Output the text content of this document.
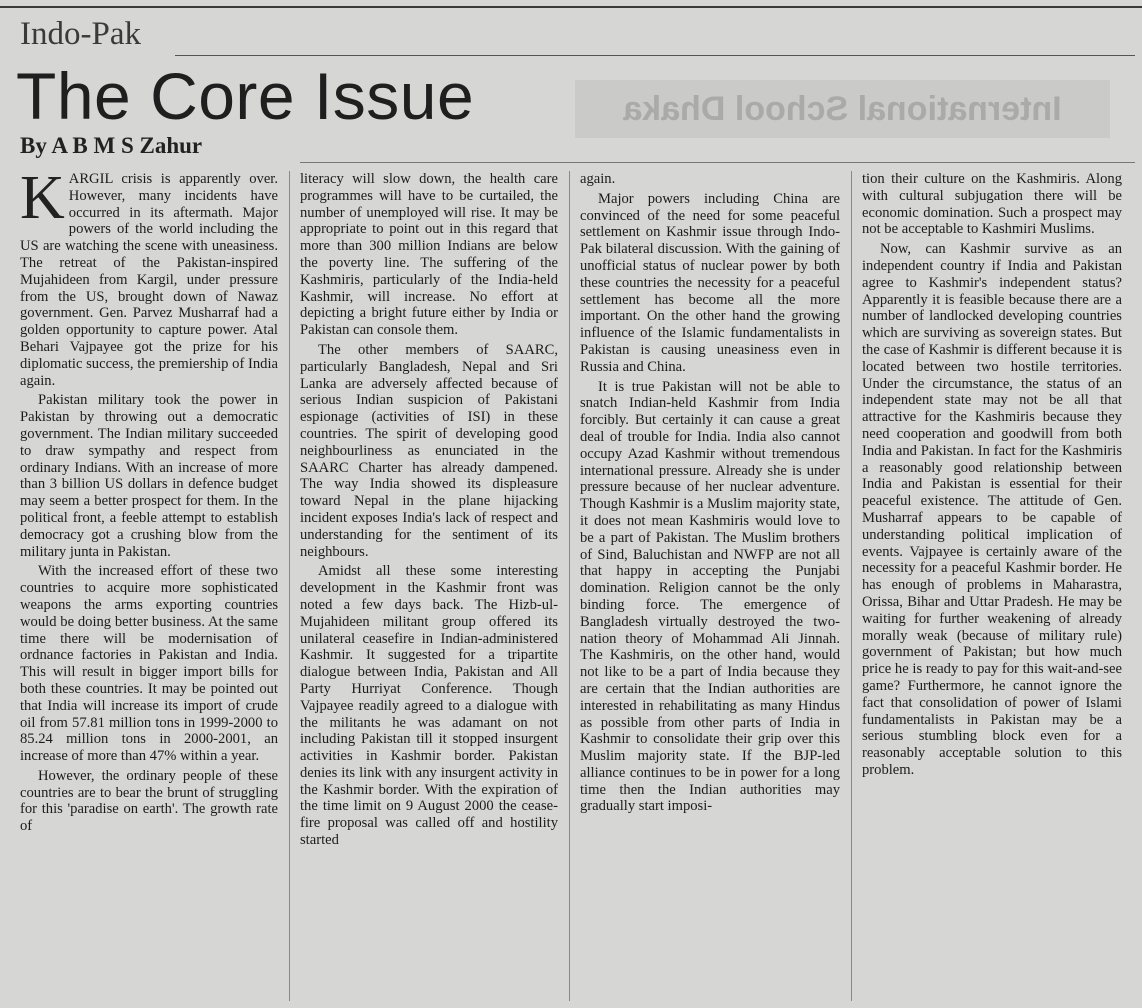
Indo-Pak
International School Dhaka
The Core Issue
By A B M S Zahur

KARGIL crisis is apparently over. However, many incidents have occurred in its aftermath. Major powers of the world including the US are watching the scene with uneasiness. The retreat of the Pakistan-inspired Mujahideen from Kargil, under pressure from the US, brought down of Nawaz government. Gen. Parvez Musharraf had a golden opportunity to capture power. Atal Behari Vajpayee got the prize for his diplomatic success, the premiership of India again.

Pakistan military took the power in Pakistan by throwing out a democratic government. The Indian military succeeded to draw sympathy and respect from ordinary Indians. With an increase of more than 3 billion US dollars in defence budget may seem a better prospect for them. In the political front, a feeble attempt to establish democracy got a crushing blow from the military junta in Pakistan.

With the increased effort of these two countries to acquire more sophisticated weapons the arms exporting countries would be doing better business. At the same time there will be modernisation of ordnance factories in Pakistan and India. This will result in bigger import bills for both these countries. It may be pointed out that India will increase its import of crude oil from 57.81 million tons in 1999-2000 to 85.24 million tons in 2000-2001, an increase of more than 47% within a year.

However, the ordinary people of these countries are to bear the brunt of struggling for this 'paradise on earth'. The growth rate of

literacy will slow down, the health care programmes will have to be curtailed, the number of unemployed will rise. It may be appropriate to point out in this regard that more than 300 million Indians are below the poverty line. The suffering of the Kashmiris, particularly of the India-held Kashmir, will increase. No effort at depicting a bright future either by India or Pakistan can console them.

The other members of SAARC, particularly Bangladesh, Nepal and Sri Lanka are adversely affected because of serious Indian suspicion of Pakistani espionage (activities of ISI) in these countries. The spirit of developing good neighbourliness as enunciated in the SAARC Charter has already dampened. The way India showed its displeasure toward Nepal in the plane hijacking incident exposes India's lack of respect and understanding for the sentiment of its neighbours.

Amidst all these some interesting development in the Kashmir front was noted a few days back. The Hizb-ul-Mujahideen militant group offered its unilateral ceasefire in Indian-administered Kashmir. It suggested for a tripartite dialogue between India, Pakistan and All Party Hurriyat Conference. Though Vajpayee readily agreed to a dialogue with the militants he was adamant on not including Pakistan till it stopped insurgent activities in Kashmir border. Pakistan denies its link with any insurgent activity in the Kashmir border. With the expiration of the time limit on 9 August 2000 the cease-fire proposal was called off and hostility started

again.

Major powers including China are convinced of the need for some peaceful settlement on Kashmir issue through Indo-Pak bilateral discussion. With the gaining of unofficial status of nuclear power by both these countries the necessity for a peaceful settlement has become all the more important. On the other hand the growing influence of the Islamic fundamentalists in Pakistan is causing uneasiness even in Russia and China.

It is true Pakistan will not be able to snatch Indian-held Kashmir from India forcibly. But certainly it can cause a great deal of trouble for India. India also cannot occupy Azad Kashmir without tremendous international pressure. Already she is under pressure because of her nuclear adventure. Though Kashmir is a Muslim majority state, it does not mean Kashmiris would love to be a part of Pakistan. The Muslim brothers of Sind, Baluchistan and NWFP are not all that happy in accepting the Punjabi domination. Religion cannot be the only binding force. The emergence of Bangladesh virtually destroyed the two-nation theory of Mohammad Ali Jinnah. The Kashmiris, on the other hand, would not like to be a part of India because they are certain that the Indian authorities are interested in rehabilitating as many Hindus as possible from other parts of India in Kashmir to consolidate their grip over this Muslim majority state. If the BJP-led alliance continues to be in power for a long time then the Indian authorities may gradually start imposi-

tion their culture on the Kashmiris. Along with cultural subjugation there will be economic domination. Such a prospect may not be acceptable to Kashmiri Muslims.

Now, can Kashmir survive as an independent country if India and Pakistan agree to Kashmir's independent status? Apparently it is feasible because there are a number of landlocked developing countries which are surviving as sovereign states. But the case of Kashmir is different because it is located between two hostile territories. Under the circumstance, the status of an independent state may not be all that attractive for the Kashmiris because they need cooperation and goodwill from both India and Pakistan. In fact for the Kashmiris a reasonably good relationship between India and Pakistan is essential for their peaceful existence. The attitude of Gen. Musharraf appears to be capable of understanding political implication of events. Vajpayee is certainly aware of the necessity for a peaceful Kashmir border. He has enough of problems in Maharastra, Orissa, Bihar and Uttar Pradesh. He may be waiting for further weakening of already morally weak (because of military rule) government of Pakistan; but how much price he is ready to pay for this wait-and-see game? Furthermore, he cannot ignore the fact that consolidation of power of Islami fundamentalists in Pakistan may be a serious stumbling block even for a reasonably acceptable solution to this problem.
